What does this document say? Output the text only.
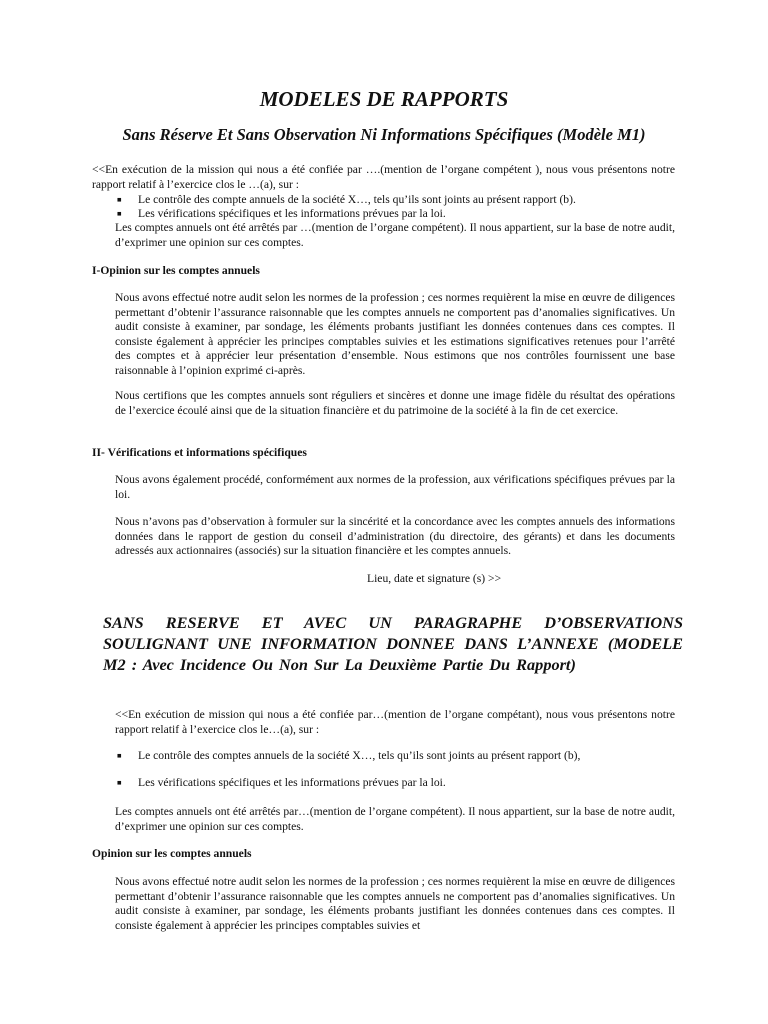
MODELES DE RAPPORTS
Sans Réserve Et Sans Observation Ni Informations Spécifiques (Modèle M1)

<<En exécution de la mission qui nous a été confiée par ….(mention de l’organe compétent ), nous vous présentons notre rapport relatif à l’exercice clos le …(a), sur :

■ Le contrôle des compte annuels de la société X…, tels qu’ils sont joints au présent rapport (b).
■ Les vérifications spécifiques et les informations prévues par la loi.

Les comptes annuels ont été arrêtés par …(mention de l’organe compétent). Il nous appartient, sur la base de notre audit, d’exprimer une opinion sur ces comptes.

I-Opinion sur les comptes annuels

Nous avons effectué notre audit selon les normes de la profession ; ces normes requièrent la mise en œuvre de diligences permettant d’obtenir l’assurance raisonnable que les comptes annuels ne comportent pas d’anomalies significatives. Un audit consiste à examiner, par sondage, les éléments probants justifiant les données contenues dans ces comptes. Il consiste également à apprécier les principes comptables suivies et les estimations significatives retenues pour l’arrêté des comptes et à apprécier leur présentation d’ensemble. Nous estimons que nos contrôles fournissent une base raisonnable à l’opinion exprimé ci-après.

Nous certifions que les comptes annuels sont réguliers et sincères et donne une image fidèle du résultat des opérations de l’exercice écoulé ainsi que de la situation financière et du patrimoine de la société à la fin de cet exercice.

II- Vérifications et informations spécifiques

Nous avons également procédé, conformément aux normes de la profession, aux vérifications spécifiques prévues par la loi.

Nous n’avons pas d’observation à formuler sur la sincérité et la concordance avec les comptes annuels des informations données dans le rapport de gestion du conseil d’administration (du directoire, des gérants) et dans les documents adressés aux actionnaires (associés) sur la situation financière et les comptes annuels.

Lieu, date et signature (s) >>
SANS RESERVE ET AVEC UN PARAGRAPHE D’OBSERVATIONS SOULIGNANT UNE INFORMATION DONNEE DANS L’ANNEXE (MODELE M2 : Avec Incidence Ou Non Sur La Deuxième Partie Du Rapport)

<<En exécution de mission qui nous a été confiée par…(mention de l’organe compétant), nous vous présentons notre rapport relatif à l’exercice clos le…(a), sur :

■ Le contrôle des comptes annuels de la société X…, tels qu’ils sont joints au présent rapport (b),
■ Les vérifications spécifiques et les informations prévues par la loi.

Les comptes annuels ont été arrêtés par…(mention de l’organe compétent). Il nous appartient, sur la base de notre audit, d’exprimer une opinion sur ces comptes.

Opinion sur les comptes annuels

Nous avons effectué notre audit selon les normes de la profession ; ces normes requièrent la mise en œuvre de diligences permettant d’obtenir l’assurance raisonnable que les comptes annuels ne comportent pas d’anomalies significatives. Un audit consiste à examiner, par sondage, les éléments probants justifiant les données contenues dans ces comptes. Il consiste également à apprécier les principes comptables suivies et
